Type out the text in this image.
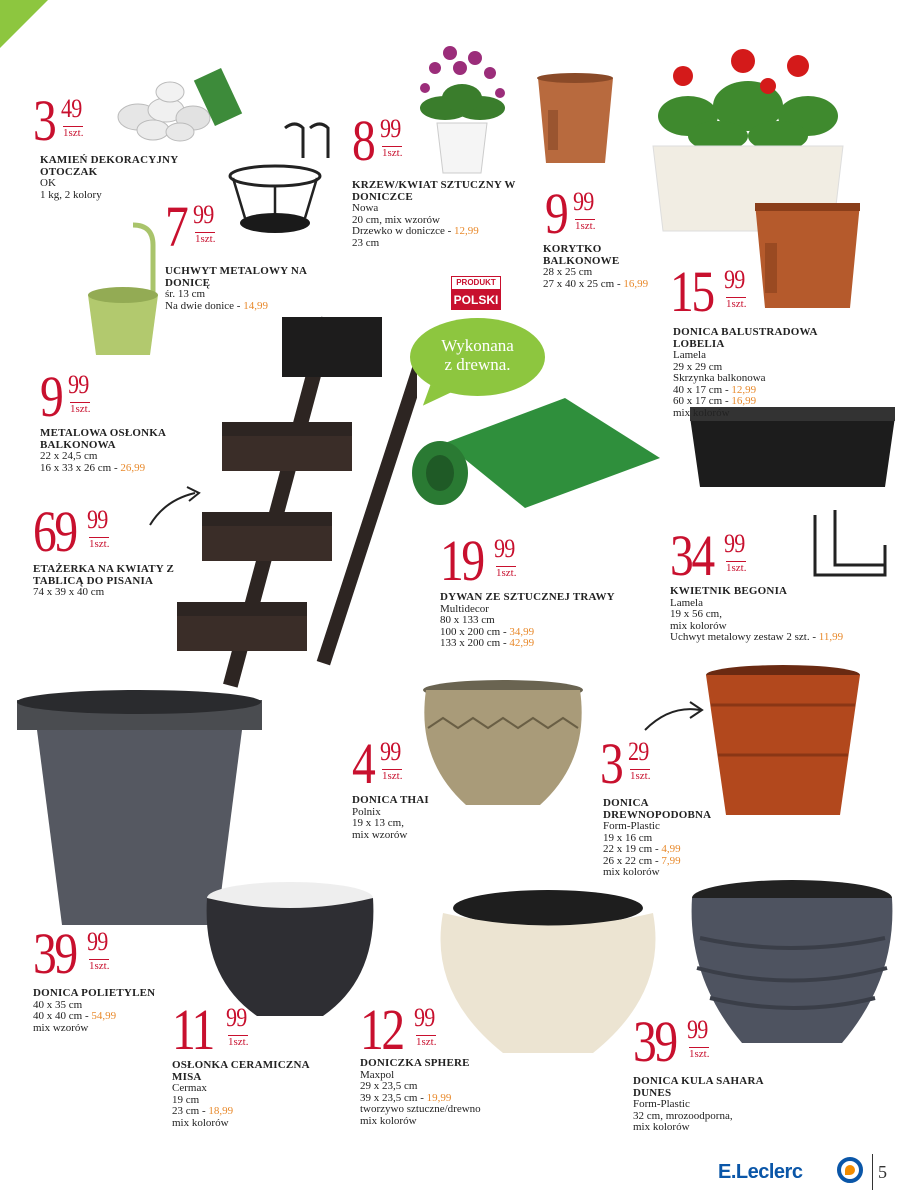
Wykonana
z drewna.
PRODUKT
POLSKI
3 49
1szt.
KAMIEŃ DEKORACYJNY OTOCZAK
OK
1 kg, 2 kolory	7 99
1szt.
UCHWYT METALOWY NA DONICĘ
śr. 13 cm
Na dwie donice - 14,99
8 99
1szt.
KRZEW/KWIAT SZTUCZNY W DONICZCE
Nowa
20 cm, mix wzorów
Drzewko w doniczce - 12,99
23 cm	9 99
1szt.
KORYTKO BALKONOWE
28 x 25 cm
27 x 40 x 25 cm - 16,99
9 99
1szt.
METALOWA OSŁONKA BALKONOWA
22 x 24,5 cm
16 x 33 x 26 cm - 26,99
15 99
1szt.
DONICA BALUSTRADOWA LOBELIA
Lamela
29 x 29 cm
Skrzynka balkonowa
40 x 17 cm - 12,99
60 x 17 cm - 16,99
mix kolorów
69 99
1szt.
ETAŻERKA NA KWIATY Z TABLICĄ DO PISANIA
74 x 39 x 40 cm	19 99
1szt.
DYWAN ZE SZTUCZNEJ TRAWY
Multidecor
80 x 133 cm
100 x 200 cm - 34,99
133 x 200 cm - 42,99
34 99
1szt.
KWIETNIK BEGONIA
Lamela
19 x 56 cm,
mix kolorów
Uchwyt metalowy zestaw 2 szt. - 11,99
4 99
1szt.
DONICA THAI
Polnix
19 x 13 cm,
mix wzorów
3 29
1szt.
DONICA DREWNOPODOBNA
Form-Plastic
19 x 16 cm
22 x 19 cm - 4,99
26 x 22 cm - 7,99
mix kolorów
39 99
1szt.
DONICA POLIETYLEN
40 x 35 cm
40 x 40 cm - 54,99
mix wzorów	11 99
1szt.
OSŁONKA CERAMICZNA MISA
Cermax
19 cm
23 cm - 18,99
mix kolorów
12 99
1szt.
DONICZKA SPHERE
Maxpol
29 x 23,5 cm
39 x 23,5 cm - 19,99
tworzywo sztuczne/drewno
mix kolorów
39 99
1szt.
DONICA KULA SAHARA DUNES
Form-Plastic
32 cm, mrozoodporna,
mix kolorów
E.Leclerc	5
